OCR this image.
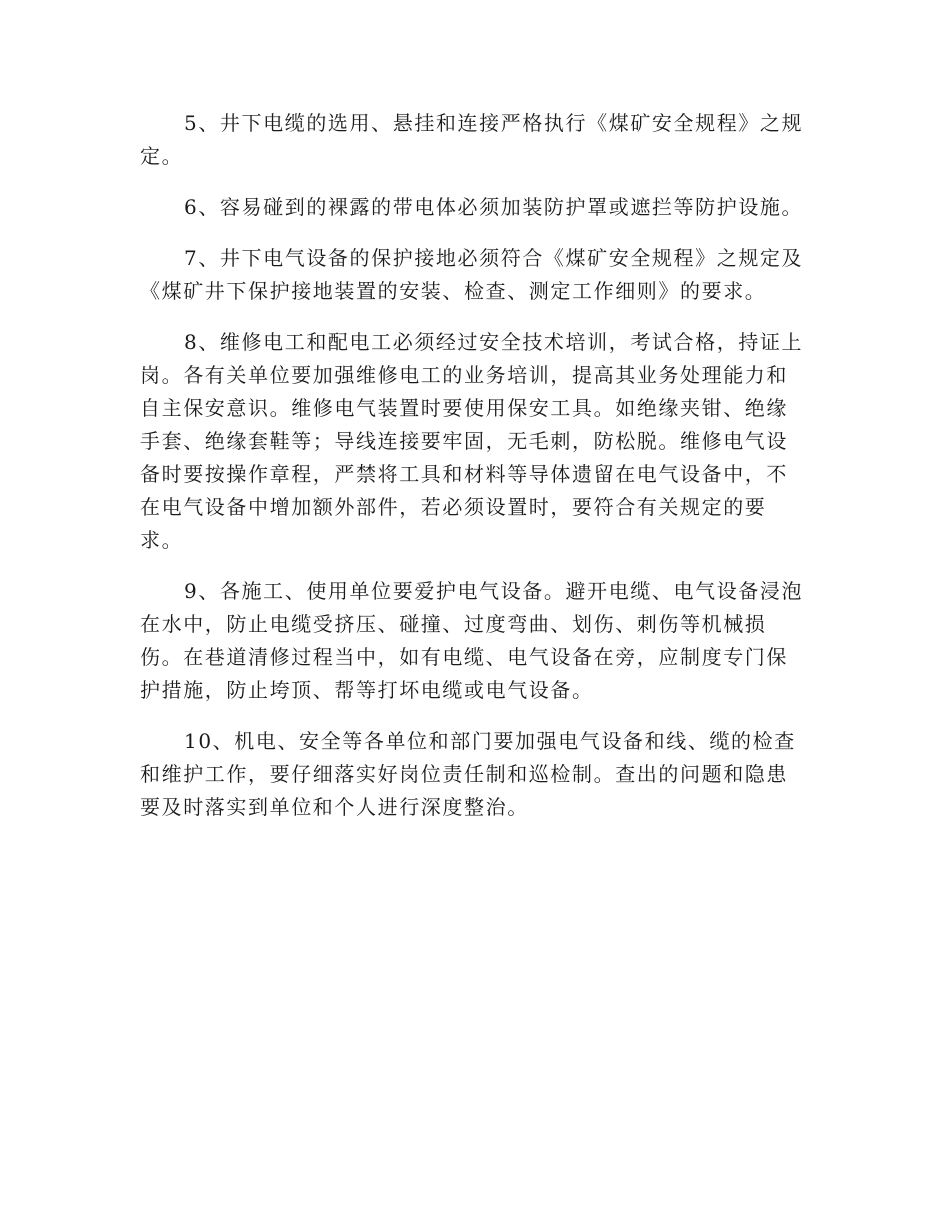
5、井下电缆的选用、悬挂和连接严格执行《煤矿安全规程》之规定。

6、容易碰到的裸露的带电体必须加装防护罩或遮拦等防护设施。

7、井下电气设备的保护接地必须符合《煤矿安全规程》之规定及《煤矿井下保护接地装置的安装、检查、测定工作细则》的要求。

8、维修电工和配电工必须经过安全技术培训，考试合格，持证上岗。各有关单位要加强维修电工的业务培训，提高其业务处理能力和自主保安意识。维修电气装置时要使用保安工具。如绝缘夹钳、绝缘手套、绝缘套鞋等；导线连接要牢固，无毛刺，防松脱。维修电气设备时要按操作章程，严禁将工具和材料等导体遗留在电气设备中，不在电气设备中增加额外部件，若必须设置时，要符合有关规定的要求。

9、各施工、使用单位要爱护电气设备。避开电缆、电气设备浸泡在水中，防止电缆受挤压、碰撞、过度弯曲、划伤、刺伤等机械损伤。在巷道清修过程当中，如有电缆、电气设备在旁，应制度专门保护措施，防止垮顶、帮等打坏电缆或电气设备。

10、机电、安全等各单位和部门要加强电气设备和线、缆的检查和维护工作，要仔细落实好岗位责任制和巡检制。查出的问题和隐患要及时落实到单位和个人进行深度整治。
